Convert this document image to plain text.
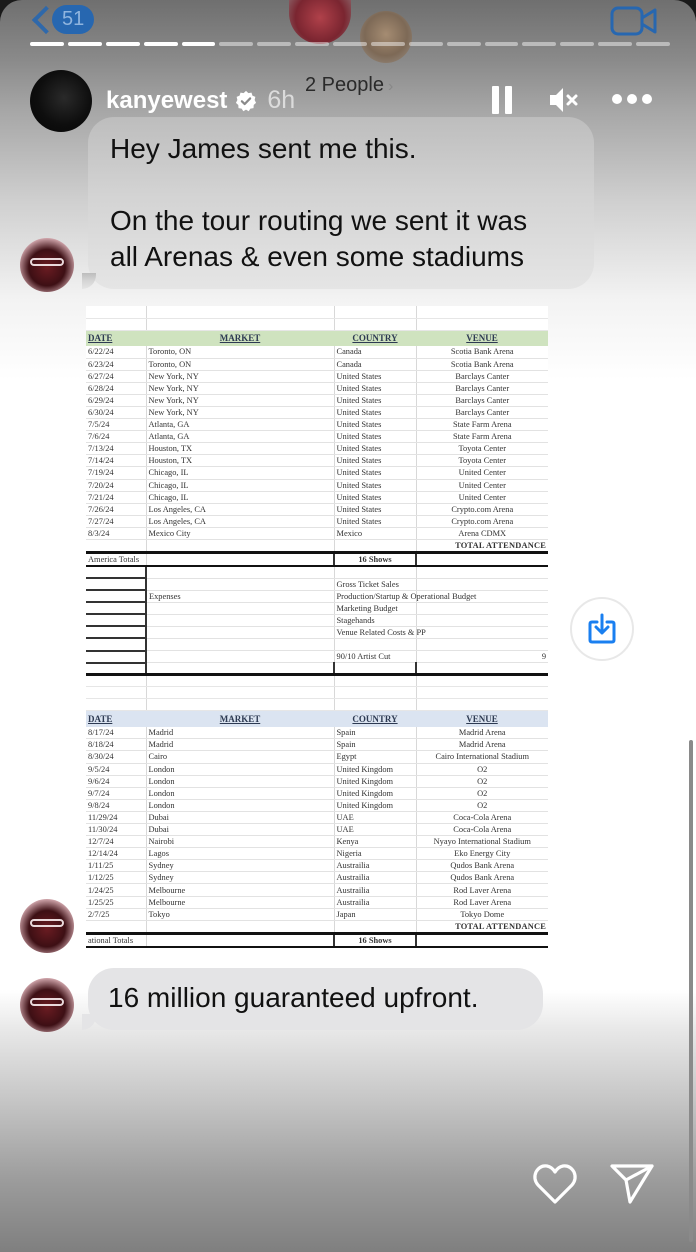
51
2 People ›
kanyewest 6h

Hey James sent me this.

On the tour routing we sent it was

all Arenas & even some stadiums

DATE	MARKET	COUNTRY	VENUE
6/22/24	Toronto, ON	Canada	Scotia Bank Arena
6/23/24	Toronto, ON	Canada	Scotia Bank Arena
6/27/24	New York, NY	United States	Barclays Canter
6/28/24	New York, NY	United States	Barclays Canter
6/29/24	New York, NY	United States	Barclays Canter
6/30/24	New York, NY	United States	Barclays Canter
7/5/24	Atlanta, GA	United States	State Farm Arena
7/6/24	Atlanta, GA	United States	State Farm Arena
7/13/24	Houston, TX	United States	Toyota Center
7/14/24	Houston, TX	United States	Toyota Center
7/19/24	Chicago, IL	United States	United Center
7/20/24	Chicago, IL	United States	United Center
7/21/24	Chicago, IL	United States	United Center
7/26/24	Los Angeles, CA	United States	Crypto.com Arena
7/27/24	Los Angeles, CA	United States	Crypto.com Arena
8/3/24	Mexico City	Mexico	Arena CDMX
			TOTAL ATTENDANCE
America Totals		16 Shows	

		Gross Ticket Sales	
	Expenses	Production/Startup & Operational Budget	
		Marketing Budget	
		Stagehands	
		Venue Related Costs & PP	

		90/10 Artist Cut	9

DATE	MARKET	COUNTRY	VENUE
8/17/24	Madrid	Spain	Madrid Arena
8/18/24	Madrid	Spain	Madrid Arena
8/30/24	Cairo	Egypt	Cairo International Stadium
9/5/24	London	United Kingdom	O2
9/6/24	London	United Kingdom	O2
9/7/24	London	United Kingdom	O2
9/8/24	London	United Kingdom	O2
11/29/24	Dubai	UAE	Coca-Cola Arena
11/30/24	Dubai	UAE	Coca-Cola Arena
12/7/24	Nairobi	Kenya	Nyayo International Stadium
12/14/24	Lagos	Nigeria	Eko Energy City
1/11/25	Sydney	Austrailia	Qudos Bank Arena
1/12/25	Sydney	Austrailia	Qudos Bank Arena
1/24/25	Melbourne	Austrailia	Rod Laver Arena
1/25/25	Melbourne	Austrailia	Rod Laver Arena
2/7/25	Tokyo	Japan	Tokyo Dome
			TOTAL ATTENDANCE
ational Totals		16 Shows	

16 million guaranteed upfront.
